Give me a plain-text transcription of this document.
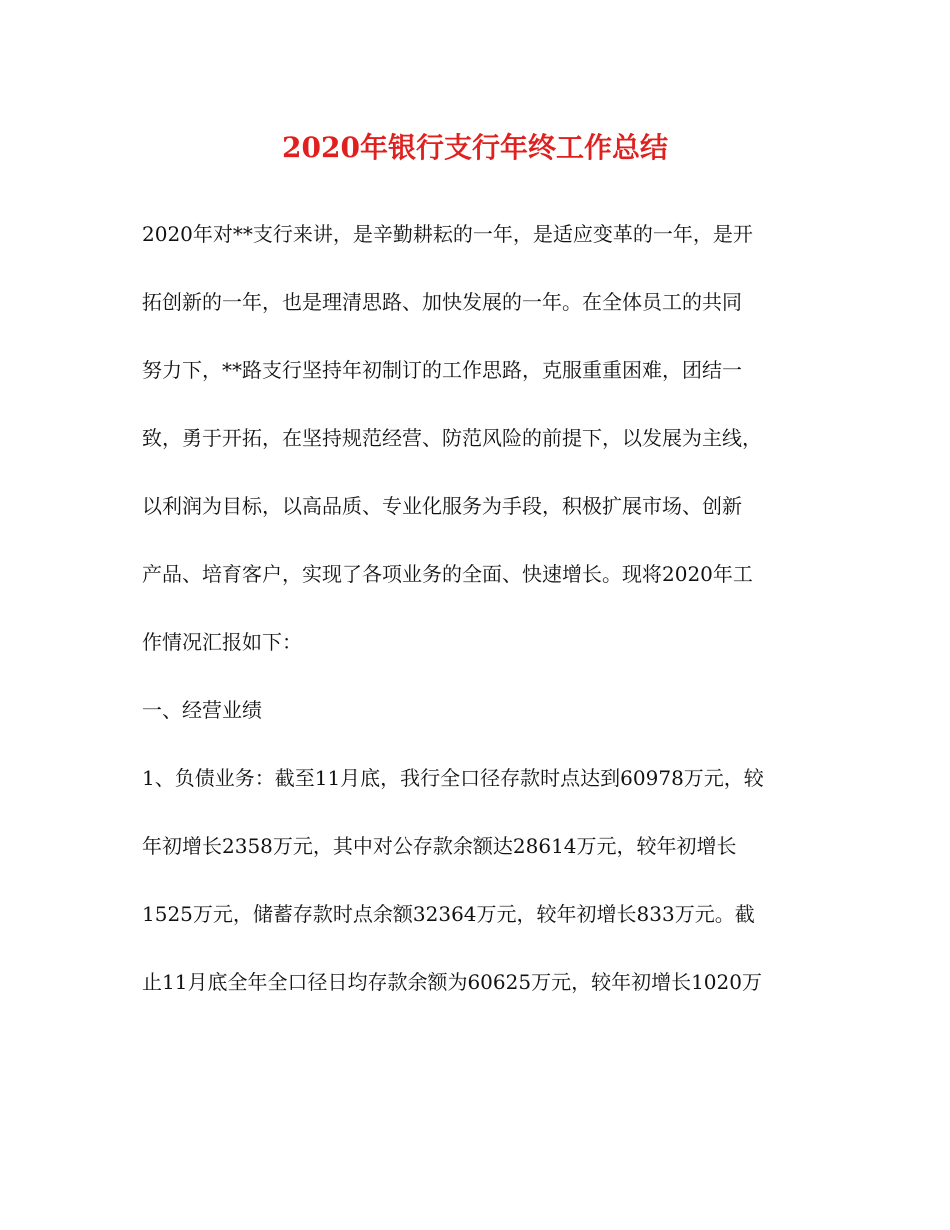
2020年银行支行年终工作总结
2020年对**支行来讲，是辛勤耕耘的一年，是适应变革的一年，是开
拓创新的一年，也是理清思路、加快发展的一年。在全体员工的共同
努力下，**路支行坚持年初制订的工作思路，克服重重困难，团结一
致，勇于开拓，在坚持规范经营、防范风险的前提下，以发展为主线，
以利润为目标，以高品质、专业化服务为手段，积极扩展市场、创新
产品、培育客户，实现了各项业务的全面、快速增长。现将2020年工
作情况汇报如下：
一、经营业绩
1、负债业务：截至11月底，我行全口径存款时点达到60978万元，较
年初增长2358万元，其中对公存款余额达28614万元，较年初增长
1525万元，储蓄存款时点余额32364万元，较年初增长833万元。截
止11月底全年全口径日均存款余额为60625万元，较年初增长1020万
